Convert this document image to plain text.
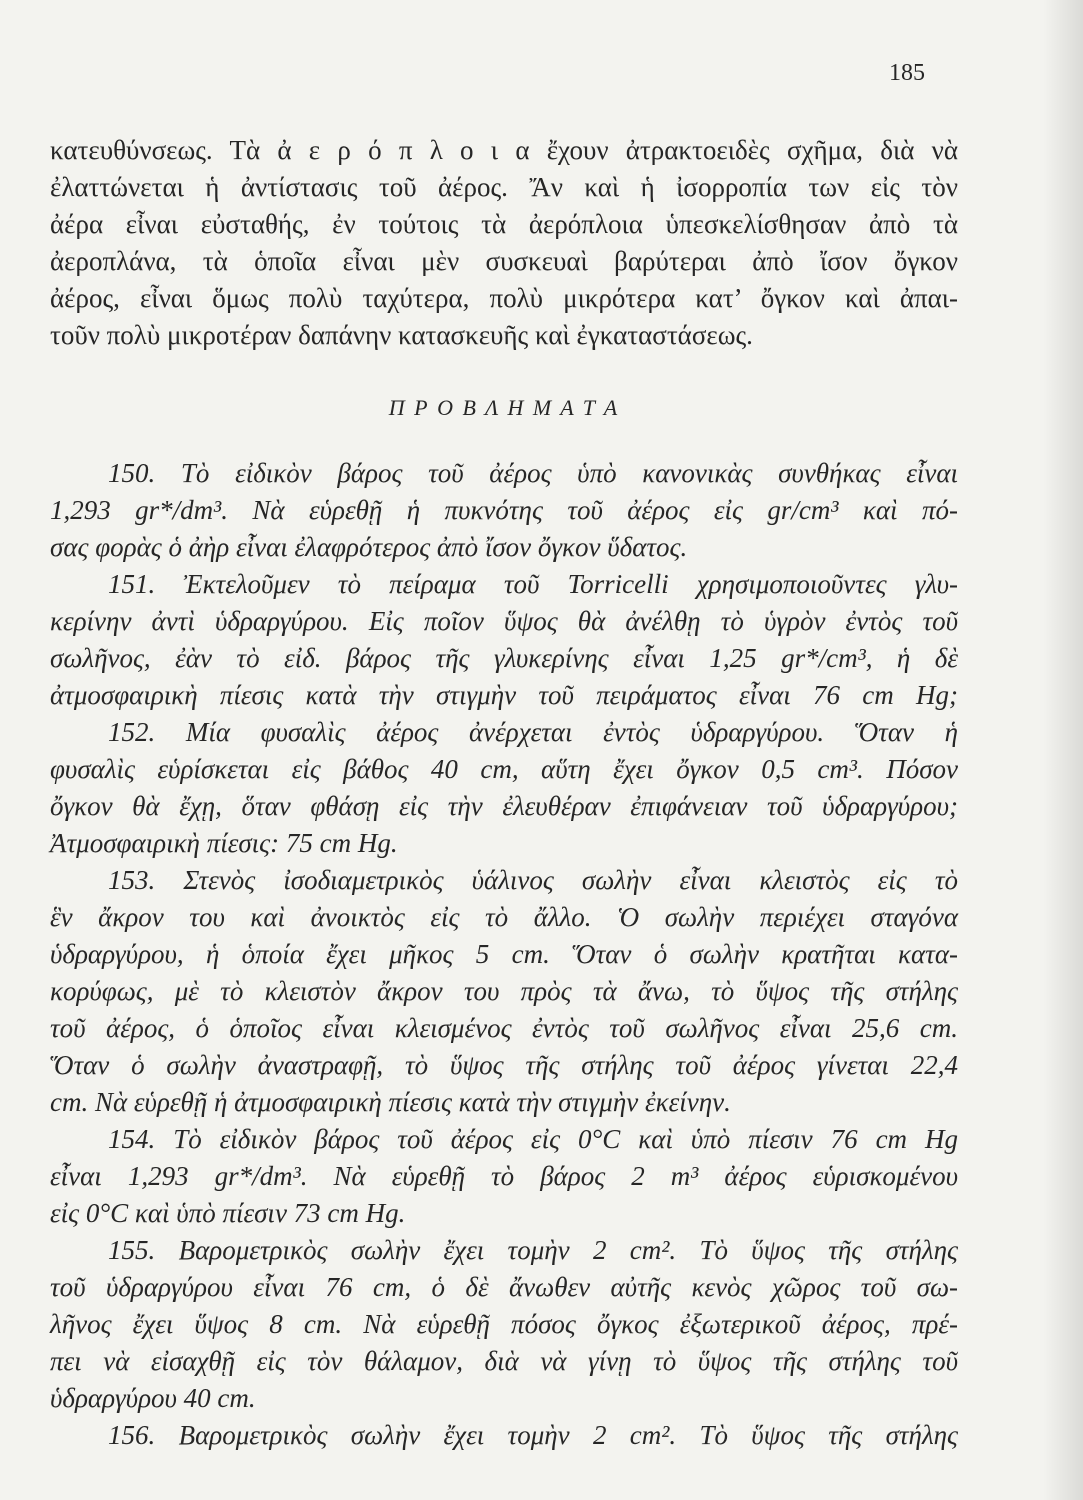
185
κατευθύνσεως. Τὰ ἀ ε ρ ό π λ ο ι α ἔχουν ἀτρακτοειδὲς σχῆμα, διὰ νὰ
ἐλαττώνεται ἡ ἀντίστασις τοῦ ἀέρος. Ἄν καὶ ἡ ἰσορροπία των εἰς τὸν
ἀέρα εἶναι εὐσταθής, ἐν τούτοις τὰ ἀερόπλοια ὑπεσκελίσθησαν ἀπὸ τὰ
ἀεροπλάνα, τὰ ὁποῖα εἶναι μὲν συσκευαὶ βαρύτεραι ἀπὸ ἴσον ὄγκον
ἀέρος, εἶναι ὅμως πολὺ ταχύτερα, πολὺ μικρότερα κατ’ ὄγκον καὶ ἀπαι-
τοῦν πολὺ μικροτέραν δαπάνην κατασκευῆς καὶ ἐγκαταστάσεως.
Π Ρ Ο Β Λ Η Μ Α Τ Α
150. Τὸ εἰδικὸν βάρος τοῦ ἀέρος ὑπὸ κανονικὰς συνθήκας εἶναι
1,293 gr*/dm³. Νὰ εὑρεθῇ ἡ πυκνότης τοῦ ἀέρος εἰς gr/cm³ καὶ πό-
σας φορὰς ὁ ἀὴρ εἶναι ἐλαφρότερος ἀπὸ ἴσον ὄγκον ὕδατος.
151. Ἐκτελοῦμεν τὸ πείραμα τοῦ Torricelli χρησιμοποιοῦντες γλυ-
κερίνην ἀντὶ ὑδραργύρου. Εἰς ποῖον ὕψος θὰ ἀνέλθῃ τὸ ὑγρὸν ἐντὸς τοῦ
σωλῆνος, ἐὰν τὸ εἰδ. βάρος τῆς γλυκερίνης εἶναι 1,25 gr*/cm³, ἡ δὲ
ἀτμοσφαιρικὴ πίεσις κατὰ τὴν στιγμὴν τοῦ πειράματος εἶναι 76 cm Hg;
152. Μία φυσαλὶς ἀέρος ἀνέρχεται ἐντὸς ὑδραργύρου. Ὅταν ἡ
φυσαλὶς εὑρίσκεται εἰς βάθος 40 cm, αὕτη ἔχει ὄγκον 0,5 cm³. Πόσον
ὄγκον θὰ ἔχῃ, ὅταν φθάσῃ εἰς τὴν ἐλευθέραν ἐπιφάνειαν τοῦ ὑδραργύρου;
Ἀτμοσφαιρικὴ πίεσις: 75 cm Hg.
153. Στενὸς ἰσοδιαμετρικὸς ὑάλινος σωλὴν εἶναι κλειστὸς εἰς τὸ
ἓν ἄκρον του καὶ ἀνοικτὸς εἰς τὸ ἄλλο. Ὁ σωλὴν περιέχει σταγόνα
ὑδραργύρου, ἡ ὁποία ἔχει μῆκος 5 cm. Ὅταν ὁ σωλὴν κρατῆται κατα-
κορύφως, μὲ τὸ κλειστὸν ἄκρον του πρὸς τὰ ἄνω, τὸ ὕψος τῆς στήλης
τοῦ ἀέρος, ὁ ὁποῖος εἶναι κλεισμένος ἐντὸς τοῦ σωλῆνος εἶναι 25,6 cm.
Ὅταν ὁ σωλὴν ἀναστραφῇ, τὸ ὕψος τῆς στήλης τοῦ ἀέρος γίνεται 22,4
cm. Νὰ εὑρεθῇ ἡ ἀτμοσφαιρικὴ πίεσις κατὰ τὴν στιγμὴν ἐκείνην.
154. Τὸ εἰδικὸν βάρος τοῦ ἀέρος εἰς 0°C καὶ ὑπὸ πίεσιν 76 cm Hg
εἶναι 1,293 gr*/dm³. Νὰ εὑρεθῇ τὸ βάρος 2 m³ ἀέρος εὑρισκομένου
εἰς 0°C καὶ ὑπὸ πίεσιν 73 cm Hg.
155. Βαρομετρικὸς σωλὴν ἔχει τομὴν 2 cm². Τὸ ὕψος τῆς στήλης
τοῦ ὑδραργύρου εἶναι 76 cm, ὁ δὲ ἄνωθεν αὐτῆς κενὸς χῶρος τοῦ σω-
λῆνος ἔχει ὕψος 8 cm. Νὰ εὑρεθῇ πόσος ὄγκος ἐξωτερικοῦ ἀέρος, πρέ-
πει νὰ εἰσαχθῇ εἰς τὸν θάλαμον, διὰ νὰ γίνῃ τὸ ὕψος τῆς στήλης τοῦ
ὑδραργύρου 40 cm.
156. Βαρομετρικὸς σωλὴν ἔχει τομὴν 2 cm². Τὸ ὕψος τῆς στήλης
